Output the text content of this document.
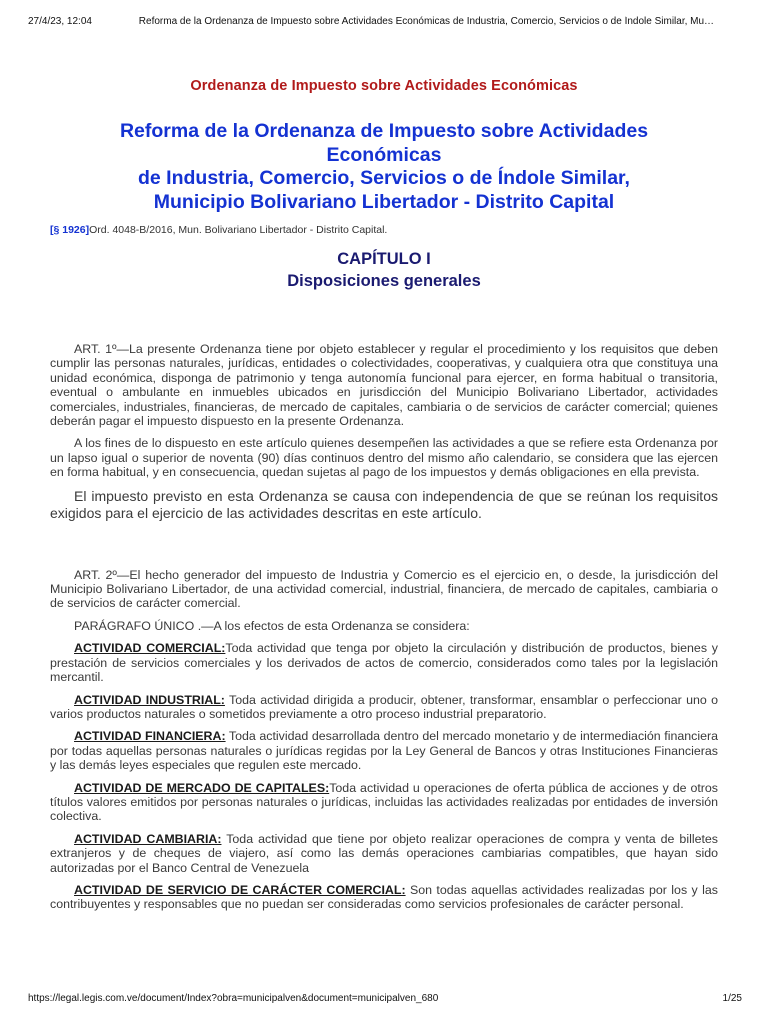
27/4/23, 12:04	Reforma de la Ordenanza de Impuesto sobre Actividades Económicas de Industria, Comercio, Servicios o de Índole Similar, Mu…
Ordenanza de Impuesto sobre Actividades Económicas
Reforma de la Ordenanza de Impuesto sobre Actividades
Económicas
de Industria, Comercio, Servicios o de Índole Similar,
Municipio Bolivariano Libertador - Distrito Capital
[§ 1926]Ord. 4048-B/2016, Mun. Bolivariano Libertador - Distrito Capital.
CAPÍTULO I
Disposiciones generales

ART. 1º—La presente Ordenanza tiene por objeto establecer y regular el procedimiento y los requisitos que deben cumplir las personas naturales, jurídicas, entidades o colectividades, cooperativas, y cualquiera otra que constituya una unidad económica, disponga de patrimonio y tenga autonomía funcional para ejercer, en forma habitual o transitoria, eventual o ambulante en inmuebles ubicados en jurisdicción del Municipio Bolivariano Libertador, actividades comerciales, industriales, financieras, de mercado de capitales, cambiaria o de servicios de carácter comercial; quienes deberán pagar el impuesto dispuesto en la presente Ordenanza.

A los fines de lo dispuesto en este artículo quienes desempeñen las actividades a que se refiere esta Ordenanza por un lapso igual o superior de noventa (90) días continuos dentro del mismo año calendario, se considera que las ejercen en forma habitual, y en consecuencia, quedan sujetas al pago de los impuestos y demás obligaciones en ella prevista.

El impuesto previsto en esta Ordenanza se causa con independencia de que se reúnan los requisitos exigidos para el ejercicio de las actividades descritas en este artículo.

ART. 2º—El hecho generador del impuesto de Industria y Comercio es el ejercicio en, o desde, la jurisdicción del Municipio Bolivariano Libertador, de una actividad comercial, industrial, financiera, de mercado de capitales, cambiaria o de servicios de carácter comercial.

PARÁGRAFO ÚNICO .—A los efectos de esta Ordenanza se considera:

ACTIVIDAD COMERCIAL:Toda actividad que tenga por objeto la circulación y distribución de productos, bienes y prestación de servicios comerciales y los derivados de actos de comercio, considerados como tales por la legislación mercantil.

ACTIVIDAD INDUSTRIAL: Toda actividad dirigida a producir, obtener, transformar, ensamblar o perfeccionar uno o varios productos naturales o sometidos previamente a otro proceso industrial preparatorio.

ACTIVIDAD FINANCIERA: Toda actividad desarrollada dentro del mercado monetario y de intermediación financiera por todas aquellas personas naturales o jurídicas regidas por la Ley General de Bancos y otras Instituciones Financieras y las demás leyes especiales que regulen este mercado.

ACTIVIDAD DE MERCADO DE CAPITALES:Toda actividad u operaciones de oferta pública de acciones y de otros títulos valores emitidos por personas naturales o jurídicas, incluidas las actividades realizadas por entidades de inversión colectiva.

ACTIVIDAD CAMBIARIA: Toda actividad que tiene por objeto realizar operaciones de compra y venta de billetes extranjeros y de cheques de viajero, así como las demás operaciones cambiarias compatibles, que hayan sido autorizadas por el Banco Central de Venezuela

ACTIVIDAD DE SERVICIO DE CARÁCTER COMERCIAL: Son todas aquellas actividades realizadas por los y las contribuyentes y responsables que no puedan ser consideradas como servicios profesionales de carácter personal.

https://legal.legis.com.ve/document/Index?obra=municipalven&document=municipalven_680	1/25
